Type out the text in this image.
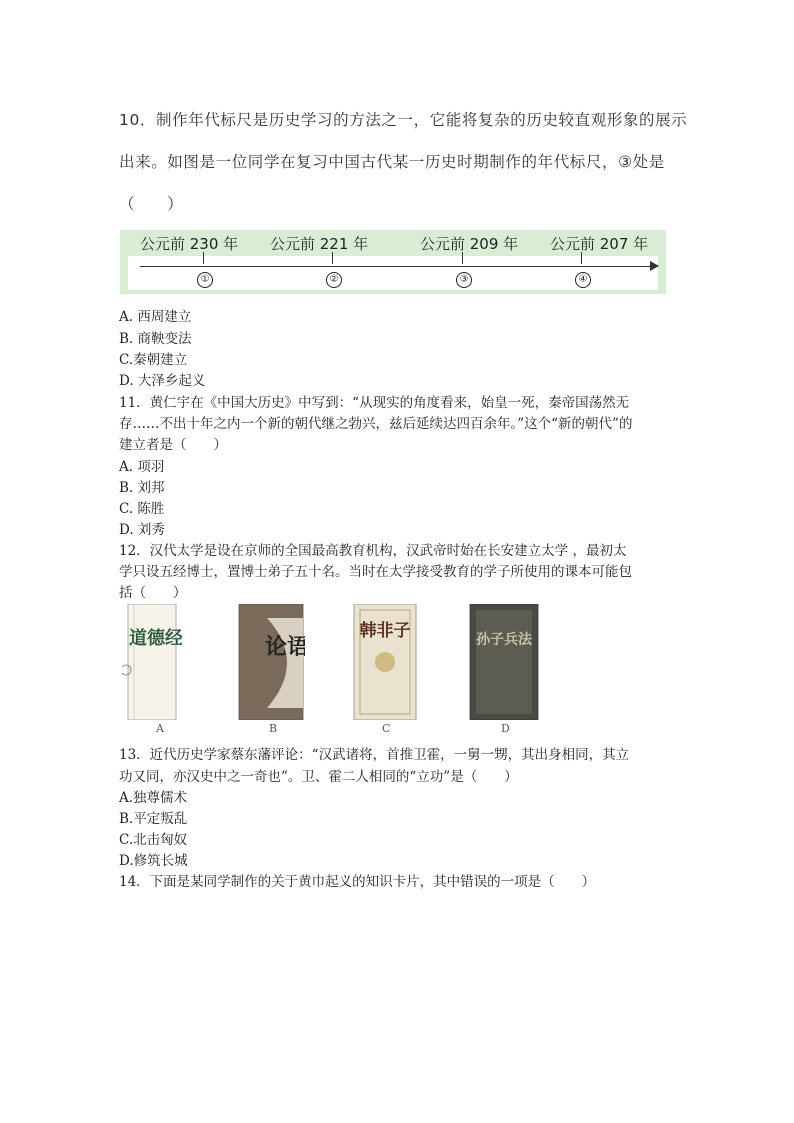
10．制作年代标尺是历史学习的方法之一，它能将复杂的历史较直观形象的展示
出来。如图是一位同学在复习中国古代某一历史时期制作的年代标尺，③处是
（　　）
公元前 230 年 公元前 221 年	公元前 209 年 公元前 207 年
①	②	③	④
A. 西周建立
B. 商鞅变法
C.秦朝建立
D. 大泽乡起义
11．黄仁宇在《中国大历史》中写到：“从现实的角度看来，始皇一死，秦帝国荡然无
存……不出十年之内一个新的朝代继之勃兴，兹后延续达四百余年。”这个“新的朝代”的
建立者是（　　）
A. 项羽
B. 刘邦
C. 陈胜
D. 刘秀
12．汉代太学是设在京师的全国最高教育机构，汉武帝时始在长安建立太学 ，最初太
学只设五经博士，置博士弟子五十名。当时在太学接受教育的学子所使用的课本可能包
括（　　）
道德经	论语
韩非子	孙子兵法
A	B	C	D
13．近代历史学家蔡东藩评论：“汉武诸将，首推卫霍，一舅一甥，其出身相同，其立
功又同，亦汉史中之一奇也”。卫、霍二人相同的“立功”是（　　）
A.独尊儒术
B.平定叛乱
C.北击匈奴
D.修筑长城
14．下面是某同学制作的关于黄巾起义的知识卡片，其中错误的一项是（　　）
